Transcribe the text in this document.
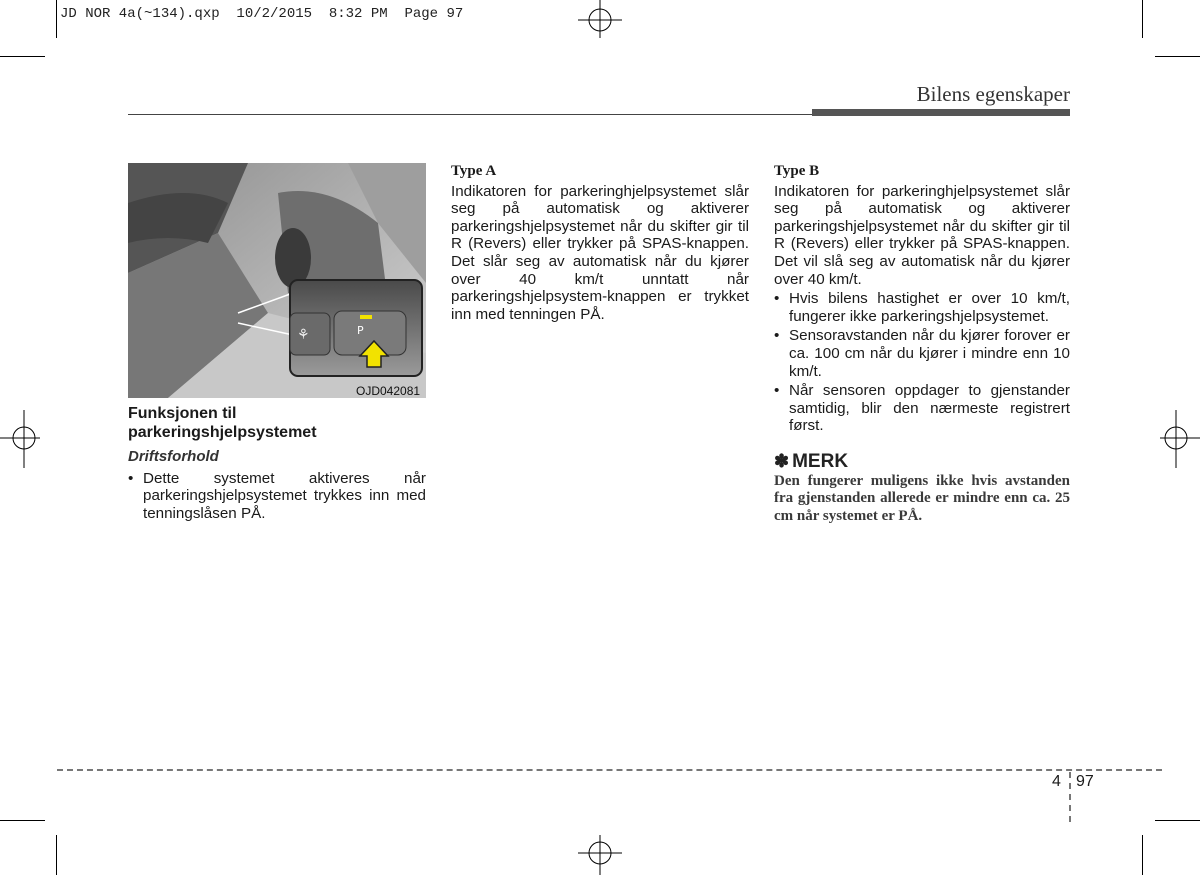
JD NOR 4a(~134).qxp  10/2/2015  8:32 PM  Page 97
Bilens egenskaper
⚘	P
OJD042081

Funksjonen til
parkeringshjelpsystemet

Driftsforhold

• Dette systemet aktiveres når parkeringshjelpsystemet trykkes inn med tenningslåsen PÅ.

Type A

Indikatoren for parkeringhjelpsystemet slår seg på automatisk og aktiverer parkeringshjelpsystemet når du skifter gir til R (Revers) eller trykker på SPAS-knappen. Det slår seg av automatisk når du kjører over 40 km/t unntatt når parkeringshjelpsystem-knappen er trykket inn med tenningen PÅ.

Type B

Indikatoren for parkeringhjelpsystemet slår seg på automatisk og aktiverer parkeringshjelpsystemet når du skifter gir til R (Revers) eller trykker på SPAS-knappen. Det vil slå seg av automatisk når du kjører over 40 km/t.

• Hvis bilens hastighet er over 10 km/t, fungerer ikke parkeringshjelpsystemet.
• Sensoravstanden når du kjører forover er ca. 100 cm når du kjører i mindre enn 10 km/t.
• Når sensoren oppdager to gjenstander samtidig, blir den nærmeste registrert først.

✽ MERK

Den fungerer muligens ikke hvis avstanden fra gjenstanden allerede er mindre enn ca. 25 cm når systemet er PÅ.

4 97
